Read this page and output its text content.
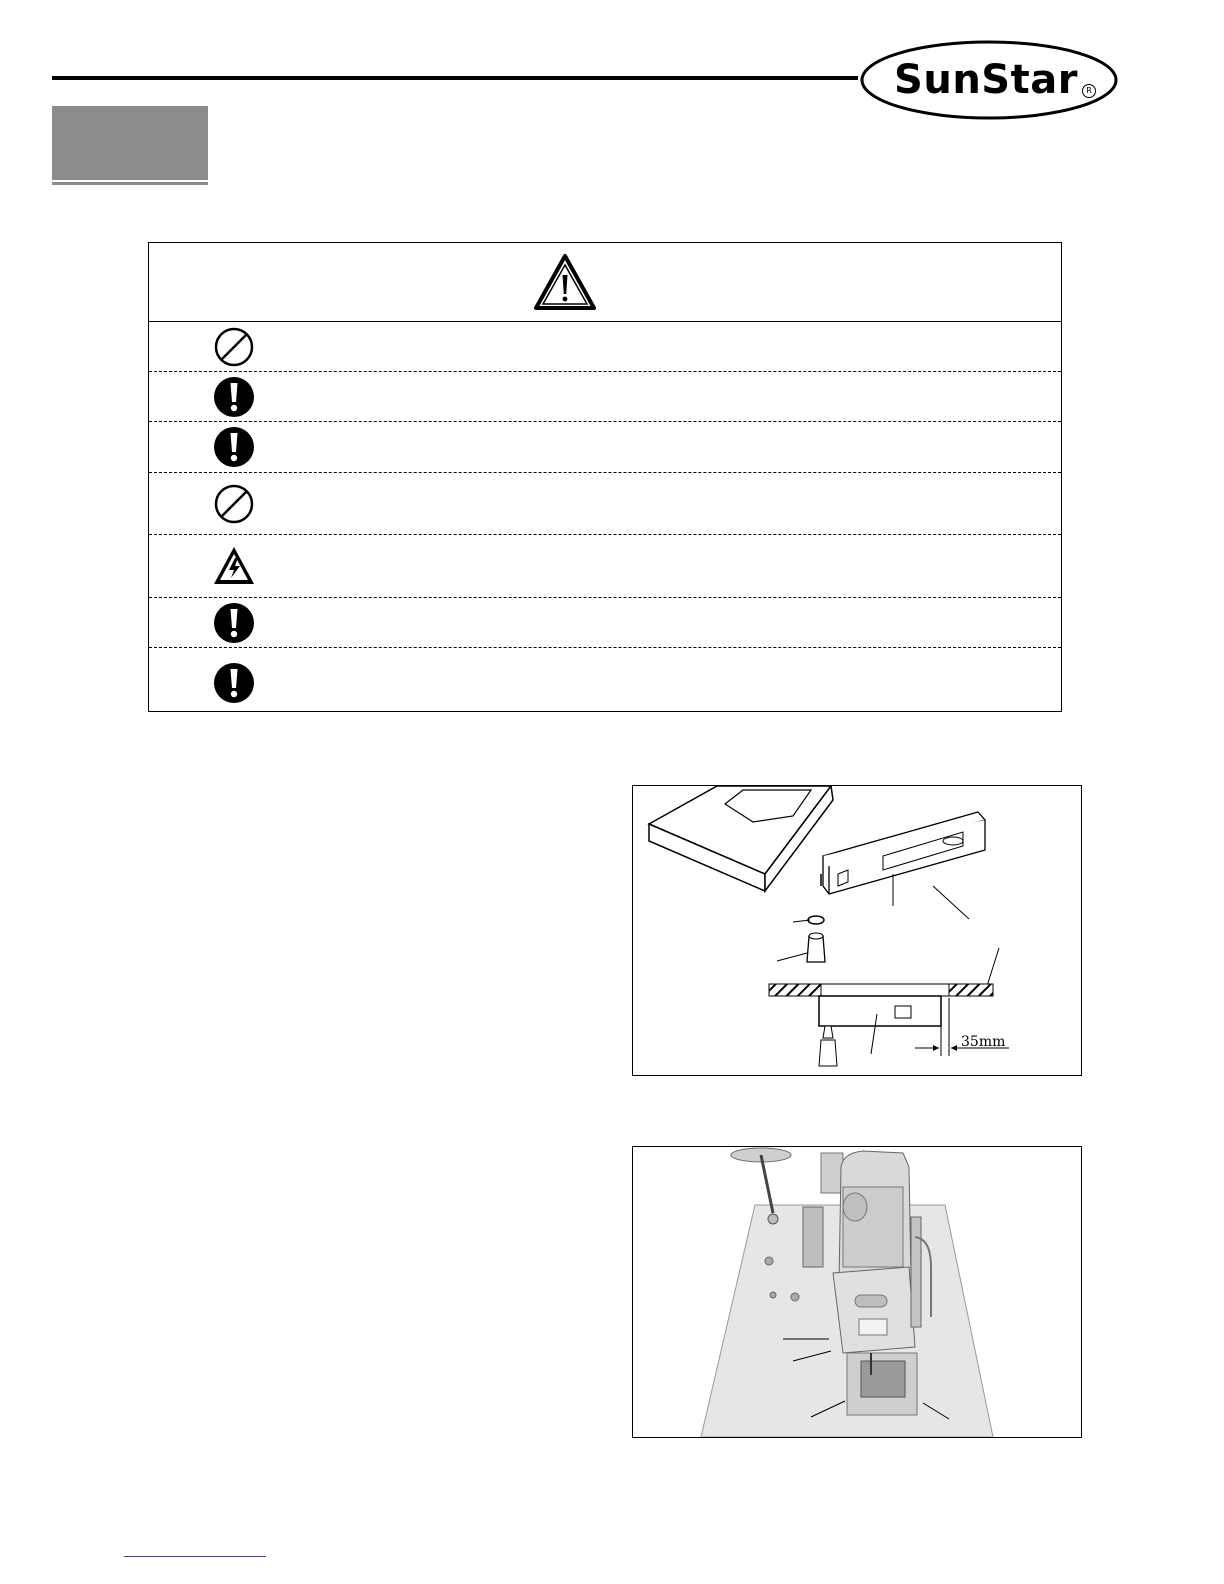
SunStar	R
35mm
